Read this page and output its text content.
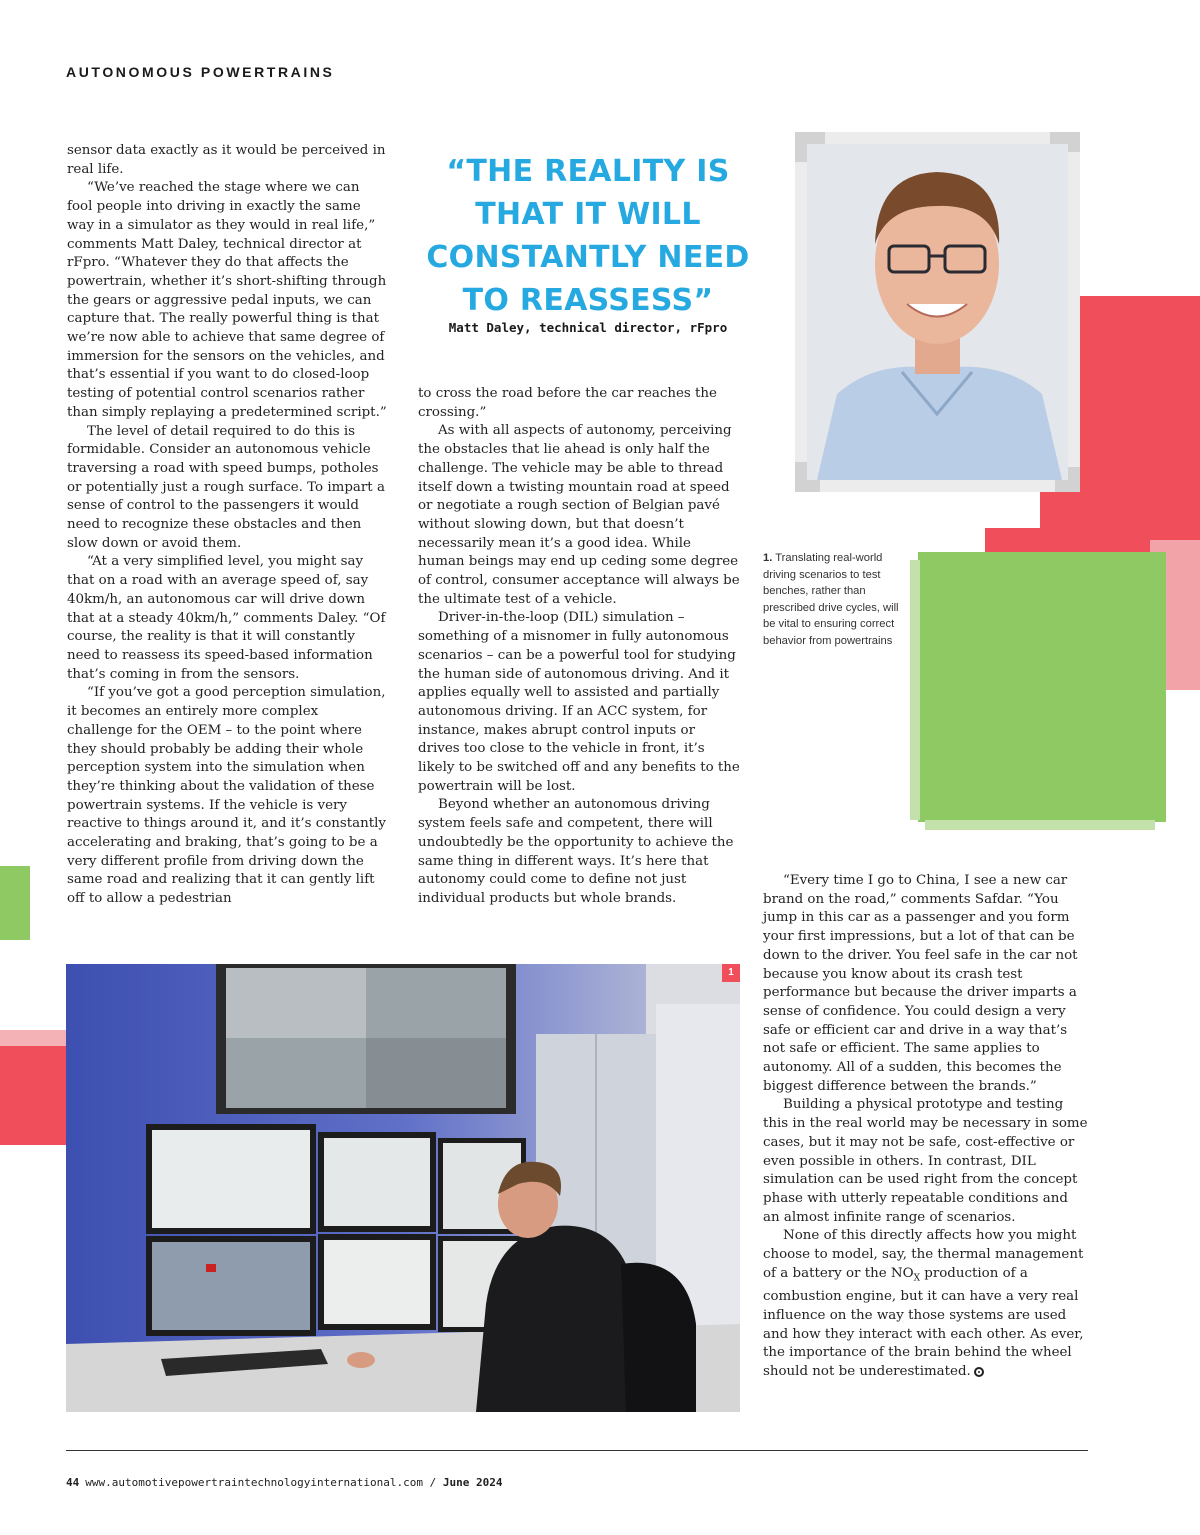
AUTONOMOUS POWERTRAINS

sensor data exactly as it would be perceived in real life.

“We’ve reached the stage where we can fool people into driving in exactly the same way in a simulator as they would in real life,” comments Matt Daley, technical director at rFpro. “Whatever they do that affects the powertrain, whether it’s short-shifting through the gears or aggressive pedal inputs, we can capture that. The really powerful thing is that we’re now able to achieve that same degree of immersion for the sensors on the vehicles, and that’s essential if you want to do closed-loop testing of potential control scenarios rather than simply replaying a predetermined script.”

The level of detail required to do this is formidable. Consider an autonomous vehicle traversing a road with speed bumps, potholes or potentially just a rough surface. To impart a sense of control to the passengers it would need to recognize these obstacles and then slow down or avoid them.

“At a very simplified level, you might say that on a road with an average speed of, say 40km/h, an autonomous car will drive down that at a steady 40km/h,” comments Daley. “Of course, the reality is that it will constantly need to reassess its speed-based information that’s coming in from the sensors.

“If you’ve got a good perception simulation, it becomes an entirely more complex challenge for the OEM – to the point where they should probably be adding their whole perception system into the simulation when they’re thinking about the validation of these powertrain systems. If the vehicle is very reactive to things around it, and it’s constantly accelerating and braking, that’s going to be a very different profile from driving down the same road and realizing that it can gently lift off to allow a pedestrian

“THE REALITY IS THAT IT WILL CONSTANTLY NEED TO REASSESS”
Matt Daley, technical director, rFpro
1. Translating real-world driving scenarios to test benches, rather than prescribed drive cycles, will be vital to ensuring correct behavior from powertrains

to cross the road before the car reaches the crossing.”

As with all aspects of autonomy, perceiving the obstacles that lie ahead is only half the challenge. The vehicle may be able to thread itself down a twisting mountain road at speed or negotiate a rough section of Belgian pavé without slowing down, but that doesn’t necessarily mean it’s a good idea. While human beings may end up ceding some degree of control, consumer acceptance will always be the ultimate test of a vehicle.

Driver-in-the-loop (DIL) simulation – something of a misnomer in fully autonomous scenarios – can be a powerful tool for studying the human side of autonomous driving. And it applies equally well to assisted and partially autonomous driving. If an ACC system, for instance, makes abrupt control inputs or drives too close to the vehicle in front, it’s likely to be switched off and any benefits to the powertrain will be lost.

Beyond whether an autonomous driving system feels safe and competent, there will undoubtedly be the opportunity to achieve the same thing in different ways. It’s here that autonomy could come to define not just individual products but whole brands.

1

“Every time I go to China, I see a new car brand on the road,” comments Safdar. “You jump in this car as a passenger and you form your first impressions, but a lot of that can be down to the driver. You feel safe in the car not because you know about its crash test performance but because the driver imparts a sense of confidence. You could design a very safe or efficient car and drive in a way that’s not safe or efficient. The same applies to autonomy. All of a sudden, this becomes the biggest difference between the brands.”

Building a physical prototype and testing this in the real world may be necessary in some cases, but it may not be safe, cost-effective or even possible in others. In contrast, DIL simulation can be used right from the concept phase with utterly repeatable conditions and an almost infinite range of scenarios.

None of this directly affects how you might choose to model, say, the thermal management of a battery or the $NO_X$ production of a combustion engine, but it can have a very real influence on the way those systems are used and how they interact with each other. As ever, the importance of the brain behind the wheel should not be underestimated.

44 www.automotivepowertraintechnologyinternational.com / June 2024
